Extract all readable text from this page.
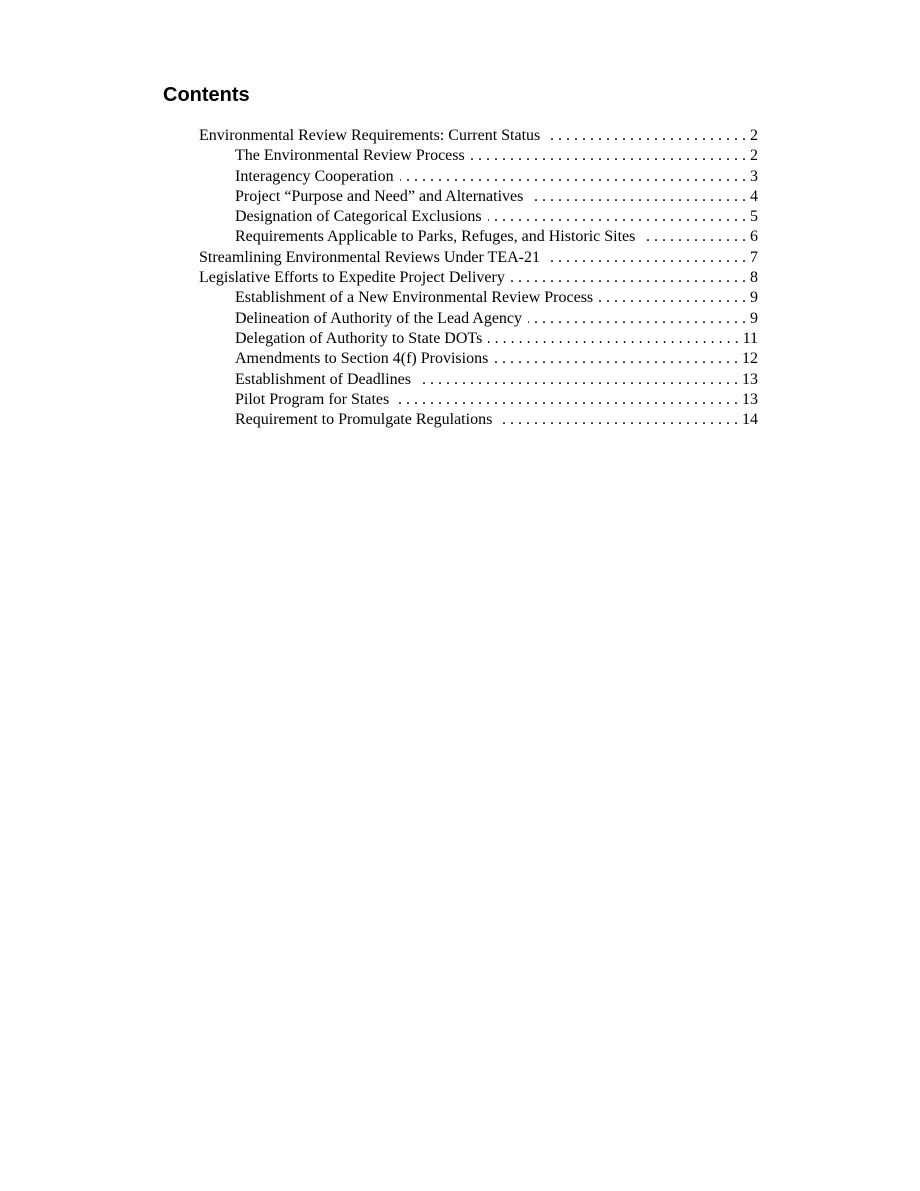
Contents
Environmental Review Requirements: Current Status . . .	2
The Environmental Review Process . . .	2
Interagency Cooperation . . .	3
Project “Purpose and Need” and Alternatives . . .	4
Designation of Categorical Exclusions . . .	5
Requirements Applicable to Parks, Refuges, and Historic Sites . . .	6
Streamlining Environmental Reviews Under TEA-21 . . .	7
Legislative Efforts to Expedite Project Delivery . . .	8
Establishment of a New Environmental Review Process . . .	9
Delineation of Authority of the Lead Agency . . .	9
Delegation of Authority to State DOTs . . .	11
Amendments to Section 4(f) Provisions . . .	12
Establishment of Deadlines . . .	13
Pilot Program for States . . .	13
Requirement to Promulgate Regulations . . .	14
